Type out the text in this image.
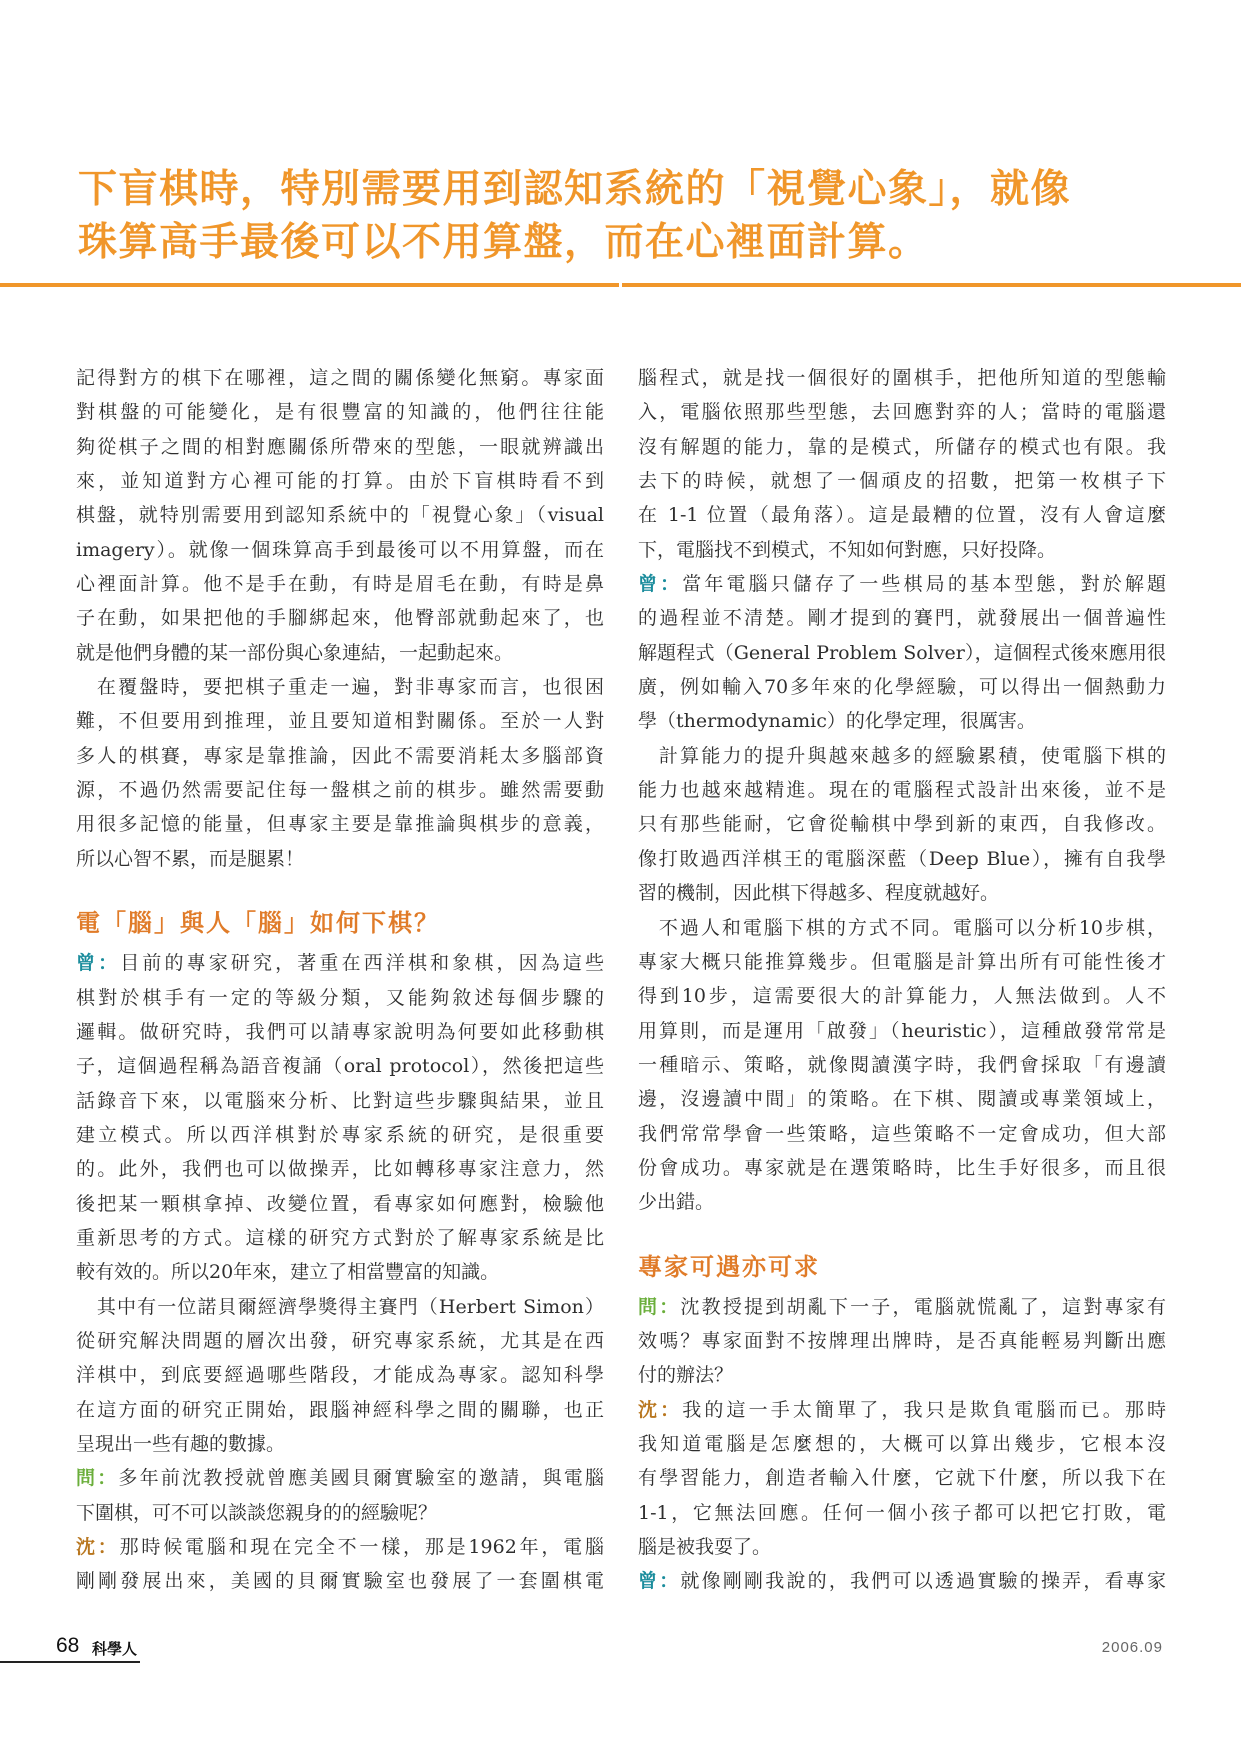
下盲棋時，特別需要用到認知系統的「視覺心象」，就像
珠算高手最後可以不用算盤，而在心裡面計算。
記得對方的棋下在哪裡，這之間的關係變化無窮。專家面
對棋盤的可能變化，是有很豐富的知識的，他們往往能
夠從棋子之間的相對應關係所帶來的型態，一眼就辨識出
來，並知道對方心裡可能的打算。由於下盲棋時看不到
棋盤，就特別需要用到認知系統中的「視覺心象」（visual
imagery）。就像一個珠算高手到最後可以不用算盤，而在
心裡面計算。他不是手在動，有時是眉毛在動，有時是鼻
子在動，如果把他的手腳綁起來，他臀部就動起來了，也
就是他們身體的某一部份與心象連結，一起動起來。
在覆盤時，要把棋子重走一遍，對非專家而言，也很困
難，不但要用到推理，並且要知道相對關係。至於一人對
多人的棋賽，專家是靠推論，因此不需要消耗太多腦部資
源，不過仍然需要記住每一盤棋之前的棋步。雖然需要動
用很多記憶的能量，但專家主要是靠推論與棋步的意義，
所以心智不累，而是腿累！
電「腦」與人「腦」如何下棋？
曾：目前的專家研究，著重在西洋棋和象棋，因為這些
棋對於棋手有一定的等級分類，又能夠敘述每個步驟的
邏輯。做研究時，我們可以請專家說明為何要如此移動棋
子，這個過程稱為語音複誦（oral protocol），然後把這些
話錄音下來，以電腦來分析、比對這些步驟與結果，並且
建立模式。所以西洋棋對於專家系統的研究，是很重要
的。此外，我們也可以做操弄，比如轉移專家注意力，然
後把某一顆棋拿掉、改變位置，看專家如何應對，檢驗他
重新思考的方式。這樣的研究方式對於了解專家系統是比
較有效的。所以20年來，建立了相當豐富的知識。
其中有一位諾貝爾經濟學獎得主賽門（Herbert Simon）
從研究解決問題的層次出發，研究專家系統，尤其是在西
洋棋中，到底要經過哪些階段，才能成為專家。認知科學
在這方面的研究正開始，跟腦神經科學之間的關聯，也正
呈現出一些有趣的數據。
問：多年前沈教授就曾應美國貝爾實驗室的邀請，與電腦
下圍棋，可不可以談談您親身的的經驗呢？
沈：那時候電腦和現在完全不一樣，那是1962年，電腦
剛剛發展出來，美國的貝爾實驗室也發展了一套圍棋電
腦程式，就是找一個很好的圍棋手，把他所知道的型態輸
入，電腦依照那些型態，去回應對弈的人；當時的電腦還
沒有解題的能力，靠的是模式，所儲存的模式也有限。我
去下的時候，就想了一個頑皮的招數，把第一枚棋子下
在 1-1 位置（最角落）。這是最糟的位置，沒有人會這麼
下，電腦找不到模式，不知如何對應，只好投降。
曾：當年電腦只儲存了一些棋局的基本型態，對於解題
的過程並不清楚。剛才提到的賽門，就發展出一個普遍性
解題程式（General Problem Solver），這個程式後來應用很
廣，例如輸入70多年來的化學經驗，可以得出一個熱動力
學（thermodynamic）的化學定理，很厲害。
計算能力的提升與越來越多的經驗累積，使電腦下棋的
能力也越來越精進。現在的電腦程式設計出來後，並不是
只有那些能耐，它會從輸棋中學到新的東西，自我修改。
像打敗過西洋棋王的電腦深藍（Deep Blue），擁有自我學
習的機制，因此棋下得越多、程度就越好。
不過人和電腦下棋的方式不同。電腦可以分析10步棋，
專家大概只能推算幾步。但電腦是計算出所有可能性後才
得到10步，這需要很大的計算能力，人無法做到。人不
用算則，而是運用「啟發」（heuristic），這種啟發常常是
一種暗示、策略，就像閱讀漢字時，我們會採取「有邊讀
邊，沒邊讀中間」的策略。在下棋、閱讀或專業領域上，
我們常常學會一些策略，這些策略不一定會成功，但大部
份會成功。專家就是在選策略時，比生手好很多，而且很
少出錯。
專家可遇亦可求
問：沈教授提到胡亂下一子，電腦就慌亂了，這對專家有
效嗎？專家面對不按牌理出牌時，是否真能輕易判斷出應
付的辦法？
沈：我的這一手太簡單了，我只是欺負電腦而已。那時
我知道電腦是怎麼想的，大概可以算出幾步，它根本沒
有學習能力，創造者輸入什麼，它就下什麼，所以我下在
1-1，它無法回應。任何一個小孩子都可以把它打敗，電
腦是被我耍了。
曾：就像剛剛我說的，我們可以透過實驗的操弄，看專家
68 科學人	2006.09
